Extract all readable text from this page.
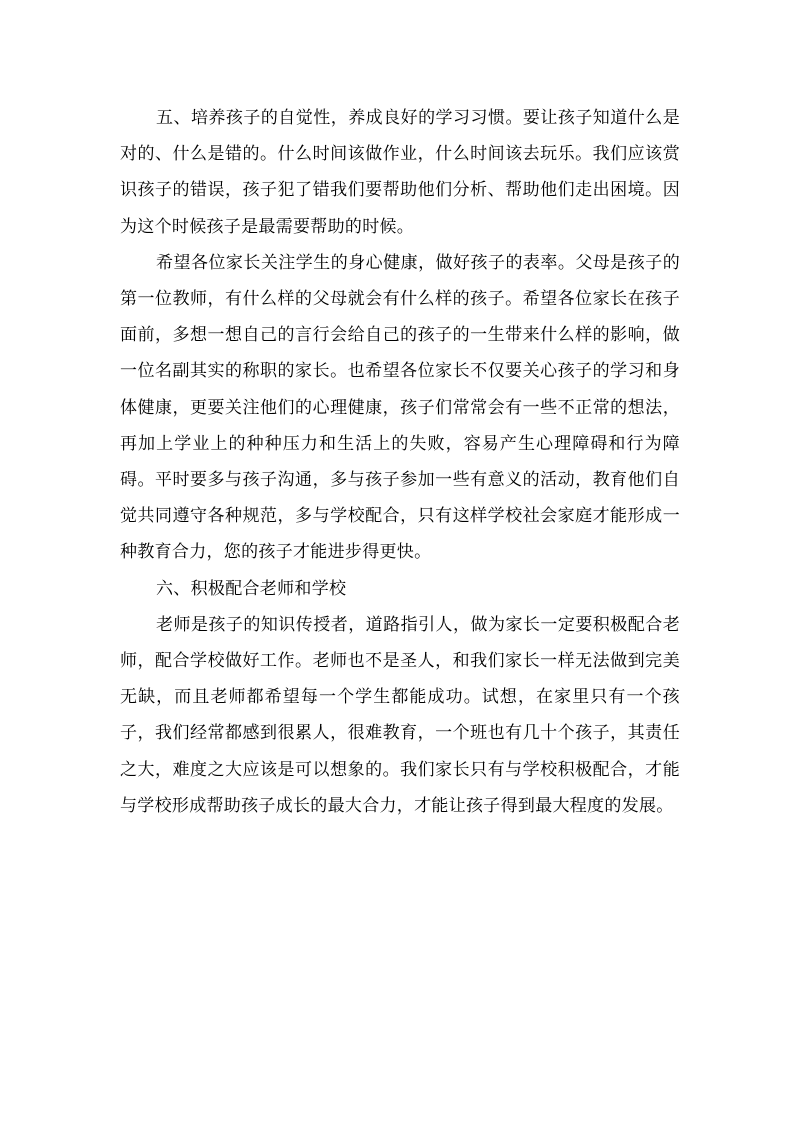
五、培养孩子的自觉性，养成良好的学习习惯。要让孩子知道什么是对的、什么是错的。什么时间该做作业，什么时间该去玩乐。我们应该赏识孩子的错误，孩子犯了错我们要帮助他们分析、帮助他们走出困境。因为这个时候孩子是最需要帮助的时候。

希望各位家长关注学生的身心健康，做好孩子的表率。父母是孩子的第一位教师，有什么样的父母就会有什么样的孩子。希望各位家长在孩子面前，多想一想自己的言行会给自己的孩子的一生带来什么样的影响，做一位名副其实的称职的家长。也希望各位家长不仅要关心孩子的学习和身体健康，更要关注他们的心理健康，孩子们常常会有一些不正常的想法，再加上学业上的种种压力和生活上的失败，容易产生心理障碍和行为障碍。平时要多与孩子沟通，多与孩子参加一些有意义的活动，教育他们自觉共同遵守各种规范，多与学校配合，只有这样学校社会家庭才能形成一种教育合力，您的孩子才能进步得更快。

六、积极配合老师和学校

老师是孩子的知识传授者，道路指引人，做为家长一定要积极配合老师，配合学校做好工作。老师也不是圣人，和我们家长一样无法做到完美无缺，而且老师都希望每一个学生都能成功。试想，在家里只有一个孩子，我们经常都感到很累人，很难教育，一个班也有几十个孩子，其责任之大，难度之大应该是可以想象的。我们家长只有与学校积极配合，才能与学校形成帮助孩子成长的最大合力，才能让孩子得到最大程度的发展。
